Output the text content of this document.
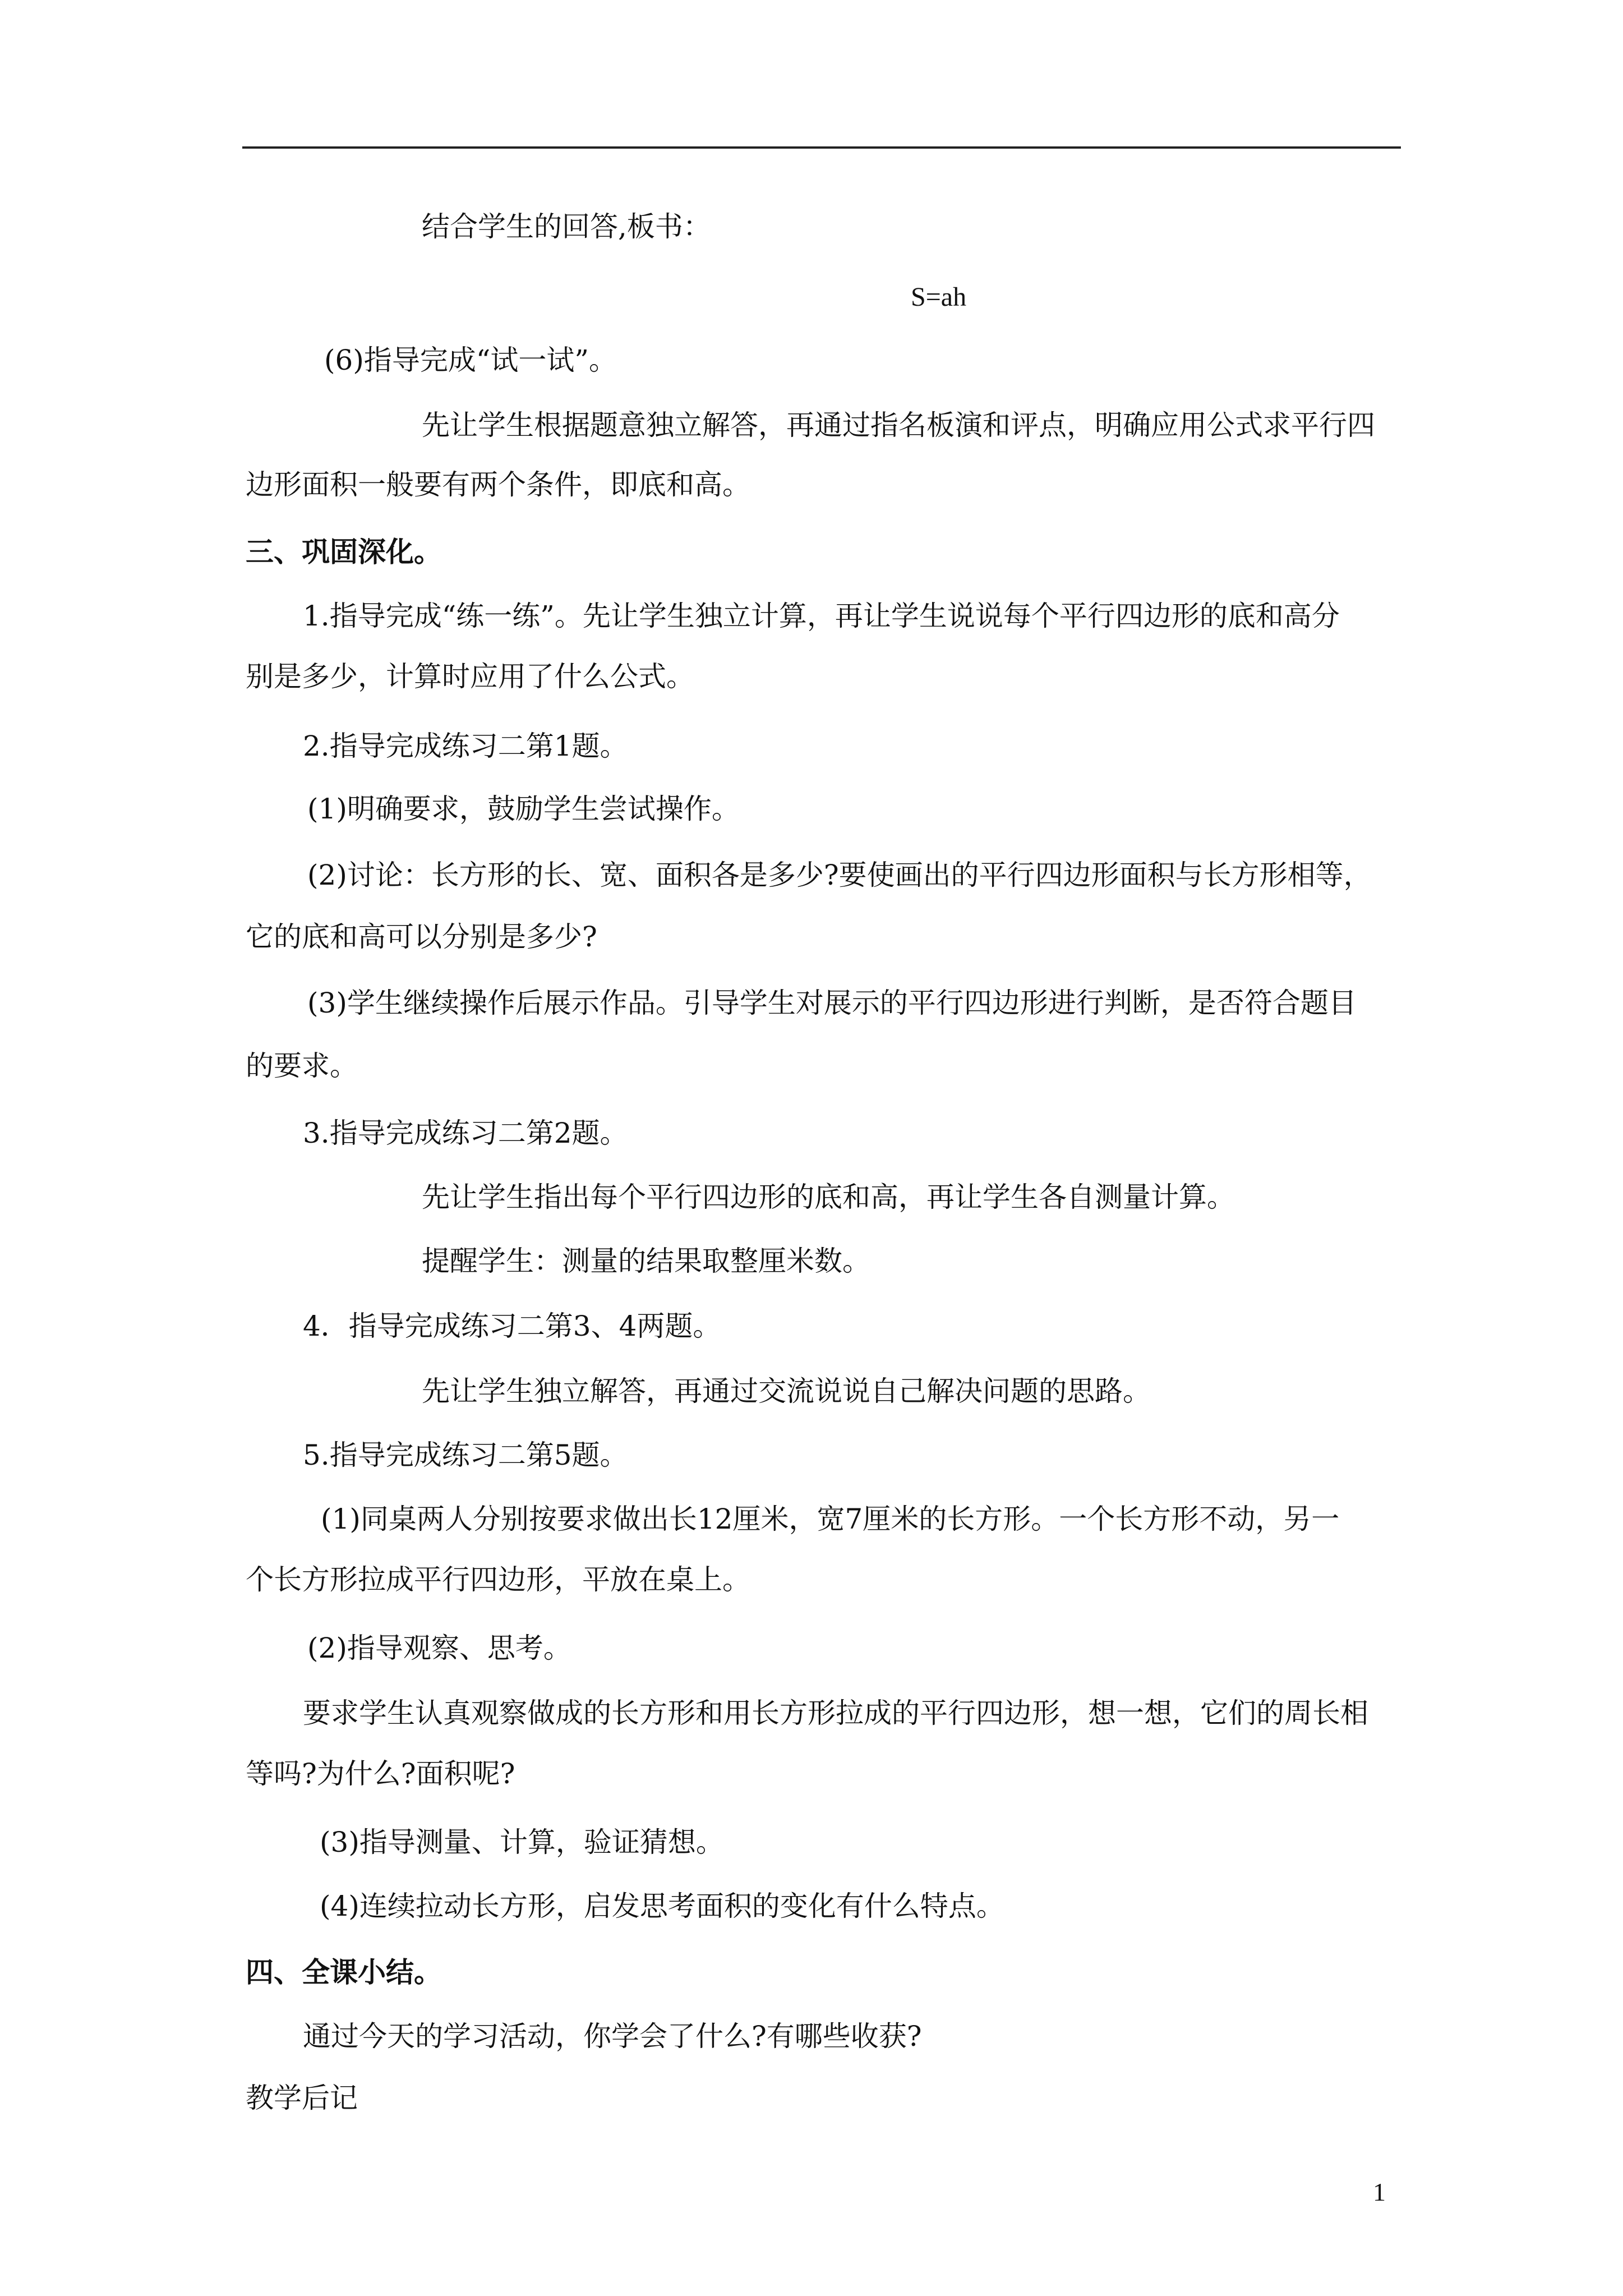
结合学生的回答,板书：
S=ah
(6)指导完成“试一试”。
先让学生根据题意独立解答，再通过指名板演和评点，明确应用公式求平行四
边形面积一般要有两个条件，即底和高。
三、巩固深化。
1.指导完成“练一练”。先让学生独立计算，再让学生说说每个平行四边形的底和高分
别是多少，计算时应用了什么公式。
2.指导完成练习二第1题。
(1)明确要求，鼓励学生尝试操作。
(2)讨论：长方形的长、宽、面积各是多少?要使画出的平行四边形面积与长方形相等，
它的底和高可以分别是多少?
(3)学生继续操作后展示作品。引导学生对展示的平行四边形进行判断，是否符合题目
的要求。
3.指导完成练习二第2题。
先让学生指出每个平行四边形的底和高，再让学生各自测量计算。
提醒学生：测量的结果取整厘米数。
4．指导完成练习二第3、4两题。
先让学生独立解答，再通过交流说说自己解决问题的思路。
5.指导完成练习二第5题。
(1)同桌两人分别按要求做出长12厘米，宽7厘米的长方形。一个长方形不动，另一
个长方形拉成平行四边形，平放在桌上。
(2)指导观察、思考。
要求学生认真观察做成的长方形和用长方形拉成的平行四边形，想一想，它们的周长相
等吗?为什么?面积呢?
(3)指导测量、计算，验证猜想。
(4)连续拉动长方形，启发思考面积的变化有什么特点。
四、全课小结。
通过今天的学习活动，你学会了什么?有哪些收获?
教学后记
1
